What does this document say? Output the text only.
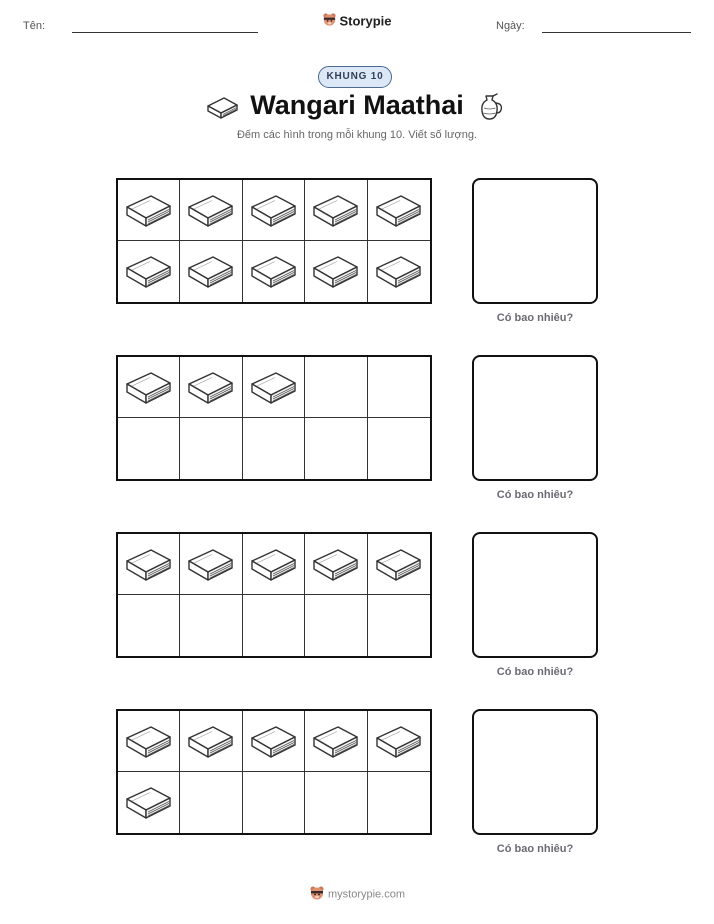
Tên:	Storypie	Ngày:
KHUNG 10
Wangari Maathai
Đếm các hình trong mỗi khung 10. Viết số lượng.
Có bao nhiêu?
Có bao nhiêu?
Có bao nhiêu?
Có bao nhiêu?
mystorypie.com
